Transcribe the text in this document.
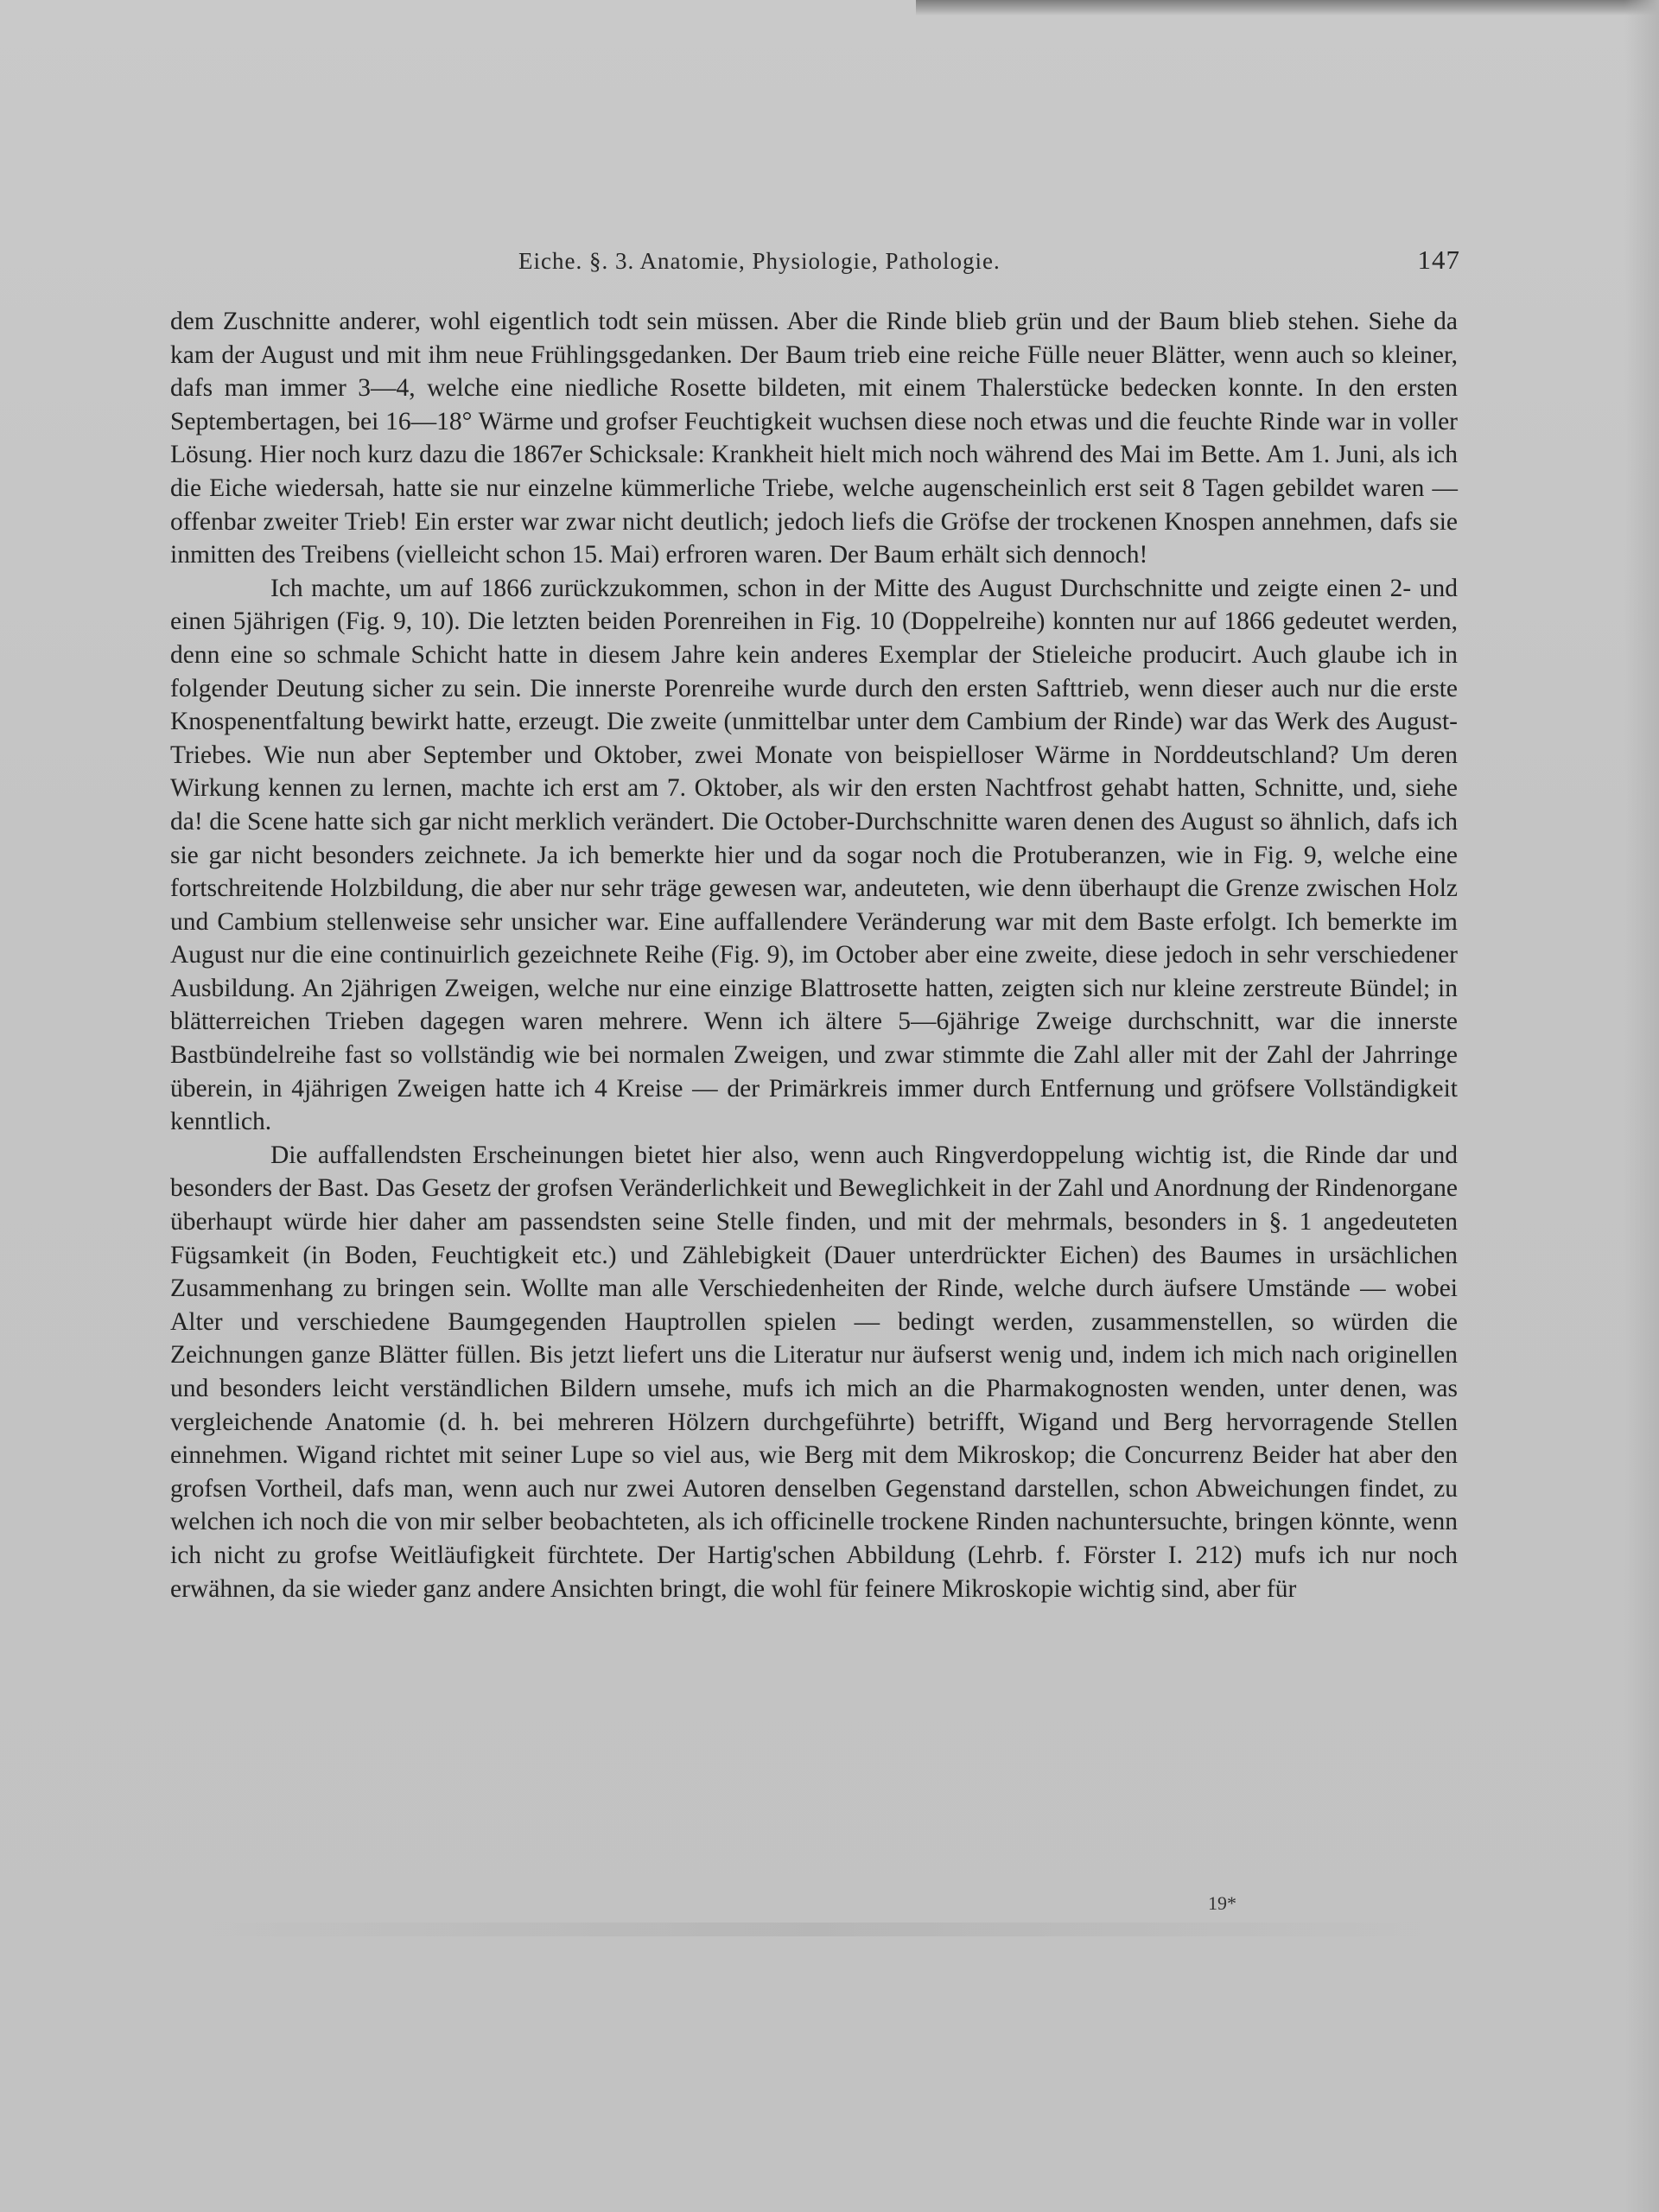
Eiche. §. 3. Anatomie, Physiologie, Pathologie.	147

dem Zuschnitte anderer, wohl eigentlich todt sein müssen. Aber die Rinde blieb grün und der Baum blieb stehen. Siehe da kam der August und mit ihm neue Frühlingsgedanken. Der Baum trieb eine reiche Fülle neuer Blätter, wenn auch so kleiner, dafs man immer 3—4, welche eine niedliche Rosette bildeten, mit einem Thalerstücke bedecken konnte. In den ersten Septembertagen, bei 16—18° Wärme und grofser Feuchtigkeit wuchsen diese noch etwas und die feuchte Rinde war in voller Lösung. Hier noch kurz dazu die 1867er Schicksale: Krankheit hielt mich noch während des Mai im Bette. Am 1. Juni, als ich die Eiche wiedersah, hatte sie nur einzelne kümmerliche Triebe, welche augenscheinlich erst seit 8 Tagen gebildet waren — offenbar zweiter Trieb! Ein erster war zwar nicht deutlich; jedoch liefs die Gröfse der trockenen Knospen annehmen, dafs sie inmitten des Treibens (vielleicht schon 15. Mai) erfroren waren. Der Baum erhält sich dennoch!

Ich machte, um auf 1866 zurückzukommen, schon in der Mitte des August Durchschnitte und zeigte einen 2- und einen 5jährigen (Fig. 9, 10). Die letzten beiden Porenreihen in Fig. 10 (Doppelreihe) konnten nur auf 1866 gedeutet werden, denn eine so schmale Schicht hatte in diesem Jahre kein anderes Exemplar der Stieleiche producirt. Auch glaube ich in folgender Deutung sicher zu sein. Die innerste Porenreihe wurde durch den ersten Safttrieb, wenn dieser auch nur die erste Knospenentfaltung bewirkt hatte, erzeugt. Die zweite (unmittelbar unter dem Cambium der Rinde) war das Werk des August-Triebes. Wie nun aber September und Oktober, zwei Monate von beispielloser Wärme in Norddeutschland? Um deren Wirkung kennen zu lernen, machte ich erst am 7. Oktober, als wir den ersten Nachtfrost gehabt hatten, Schnitte, und, siehe da! die Scene hatte sich gar nicht merklich verändert. Die October-Durchschnitte waren denen des August so ähnlich, dafs ich sie gar nicht besonders zeichnete. Ja ich bemerkte hier und da sogar noch die Protuberanzen, wie in Fig. 9, welche eine fortschreitende Holzbildung, die aber nur sehr träge gewesen war, andeuteten, wie denn überhaupt die Grenze zwischen Holz und Cambium stellenweise sehr unsicher war. Eine auffallendere Veränderung war mit dem Baste erfolgt. Ich bemerkte im August nur die eine continuirlich gezeichnete Reihe (Fig. 9), im October aber eine zweite, diese jedoch in sehr verschiedener Ausbildung. An 2jährigen Zweigen, welche nur eine einzige Blattrosette hatten, zeigten sich nur kleine zerstreute Bündel; in blätterreichen Trieben dagegen waren mehrere. Wenn ich ältere 5—6jährige Zweige durchschnitt, war die innerste Bastbündelreihe fast so vollständig wie bei normalen Zweigen, und zwar stimmte die Zahl aller mit der Zahl der Jahrringe überein, in 4jährigen Zweigen hatte ich 4 Kreise — der Primärkreis immer durch Entfernung und gröfsere Vollständigkeit kenntlich.

Die auffallendsten Erscheinungen bietet hier also, wenn auch Ringverdoppelung wichtig ist, die Rinde dar und besonders der Bast. Das Gesetz der grofsen Veränderlichkeit und Beweglichkeit in der Zahl und Anordnung der Rindenorgane überhaupt würde hier daher am passendsten seine Stelle finden, und mit der mehrmals, besonders in §. 1 angedeuteten Fügsamkeit (in Boden, Feuchtigkeit etc.) und Zählebigkeit (Dauer unterdrückter Eichen) des Baumes in ursächlichen Zusammenhang zu bringen sein. Wollte man alle Verschiedenheiten der Rinde, welche durch äufsere Umstände — wobei Alter und verschiedene Baumgegenden Hauptrollen spielen — bedingt werden, zusammenstellen, so würden die Zeichnungen ganze Blätter füllen. Bis jetzt liefert uns die Literatur nur äufserst wenig und, indem ich mich nach originellen und besonders leicht verständlichen Bildern umsehe, mufs ich mich an die Pharmakognosten wenden, unter denen, was vergleichende Anatomie (d. h. bei mehreren Hölzern durchgeführte) betrifft, Wigand und Berg hervorragende Stellen einnehmen. Wigand richtet mit seiner Lupe so viel aus, wie Berg mit dem Mikroskop; die Concurrenz Beider hat aber den grofsen Vortheil, dafs man, wenn auch nur zwei Autoren denselben Gegenstand darstellen, schon Abweichungen findet, zu welchen ich noch die von mir selber beobachteten, als ich officinelle trockene Rinden nachuntersuchte, bringen könnte, wenn ich nicht zu grofse Weitläufigkeit fürchtete. Der Hartig'schen Abbildung (Lehrb. f. Förster I. 212) mufs ich nur noch erwähnen, da sie wieder ganz andere Ansichten bringt, die wohl für feinere Mikroskopie wichtig sind, aber für

19*
